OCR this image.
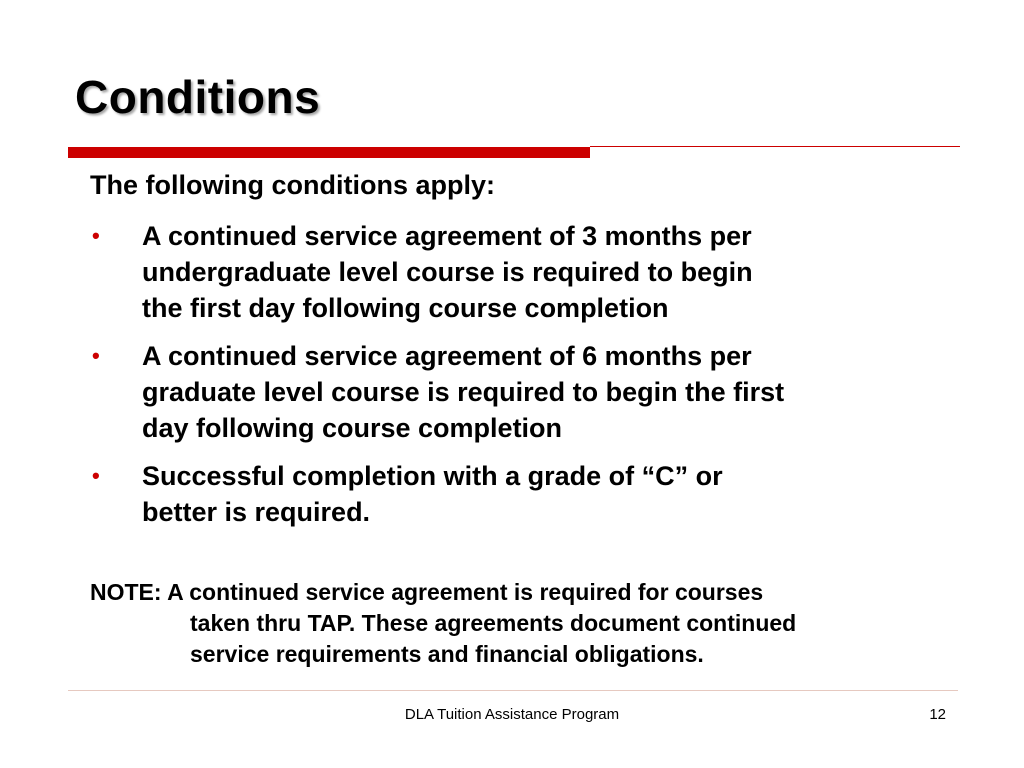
Conditions
The following conditions apply:
• A continued service agreement of 3 months per
undergraduate level course is required to begin
the first day following course completion
• A continued service agreement of 6 months per
graduate level course is required to begin the first
day following course completion
• Successful completion with a grade of “C” or
better is required.
NOTE: A continued service agreement is required for courses
taken thru TAP. These agreements document continued
service requirements and financial obligations.
DLA Tuition Assistance Program	12
